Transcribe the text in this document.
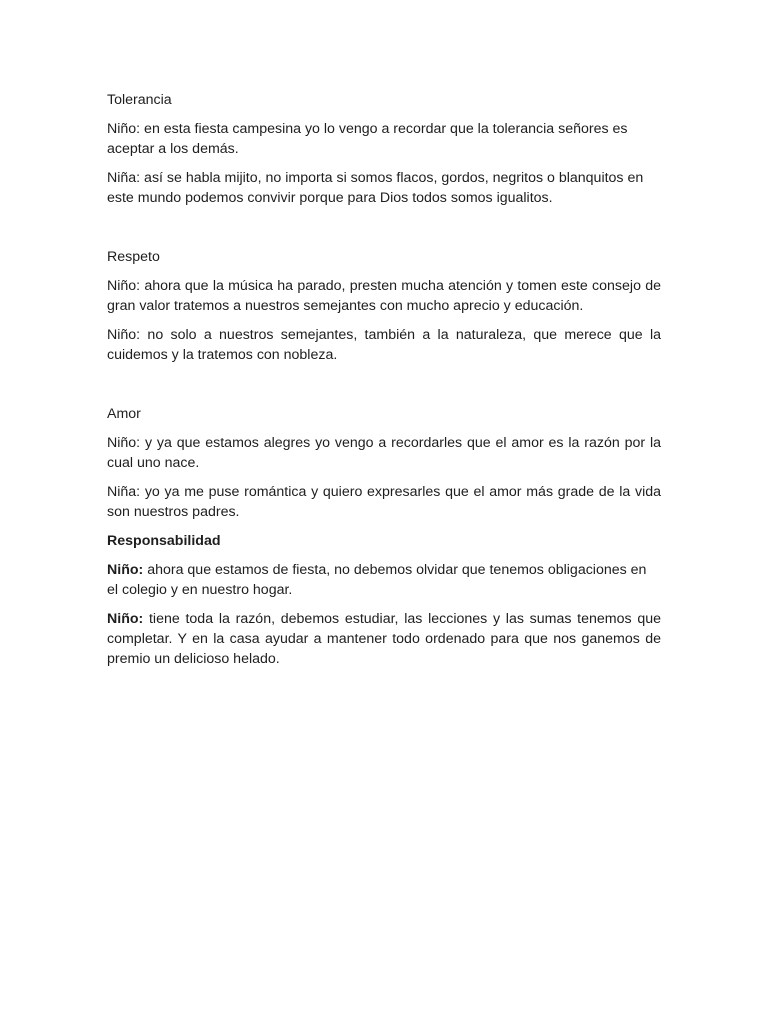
Tolerancia

Niño: en esta fiesta campesina yo lo vengo a recordar que la tolerancia señores es aceptar a los demás.

Niña: así se habla mijito, no importa si somos flacos, gordos, negritos o blanquitos en este mundo podemos convivir porque para Dios todos somos igualitos.

Respeto

Niño: ahora que la música ha parado, presten mucha atención y tomen este consejo de gran valor tratemos a nuestros semejantes con mucho aprecio y educación.

Niño: no solo a nuestros semejantes, también a la naturaleza, que merece que la cuidemos y la tratemos con nobleza.

Amor

Niño: y ya que estamos alegres yo vengo a recordarles que el amor es la razón por la cual uno nace.

Niña: yo ya me puse romántica y quiero expresarles que el amor más grade de la vida son nuestros padres.

Responsabilidad

Niño: ahora que estamos de fiesta, no debemos olvidar que tenemos obligaciones en el colegio y en nuestro hogar.

Niño: tiene toda la razón, debemos estudiar, las lecciones y las sumas tenemos que completar. Y en la casa ayudar a mantener todo ordenado para que nos ganemos de premio un delicioso helado.
